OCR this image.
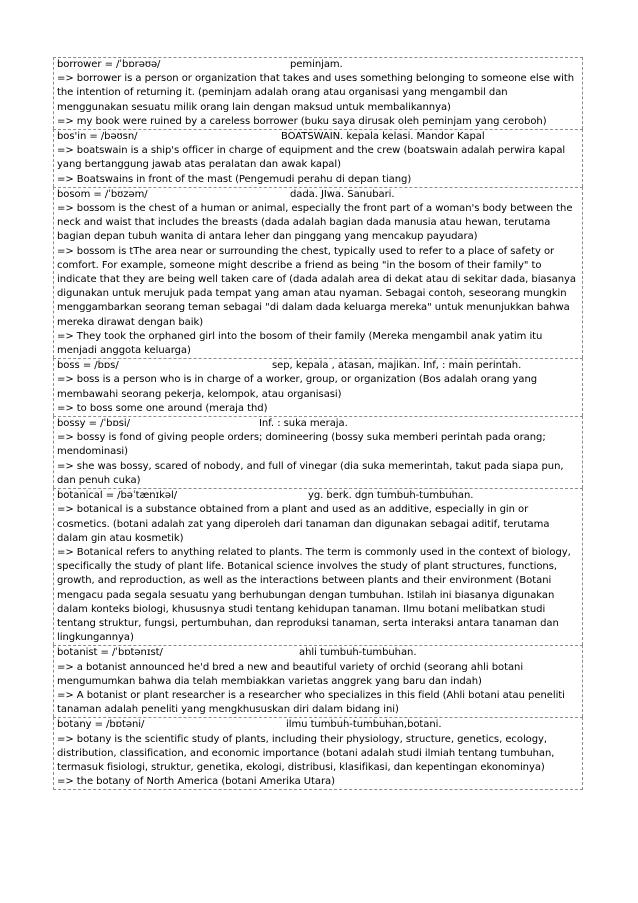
borrower = /ˈbɒrəʊə/	peminjam.

=> borrower is a person or organization that takes and uses something belonging to someone else with the intention of returning it. (peminjam adalah orang atau organisasi yang mengambil dan menggunakan sesuatu milik orang lain dengan maksud untuk membalikannya)

=> my book were ruined by a careless borrower (buku saya dirusak oleh peminjam yang ceroboh)

bos'in = /bəʊsn/	BOATSWAIN. kepala kelasi. Mandor Kapal

=> boatswain is a ship's officer in charge of equipment and the crew (boatswain adalah perwira kapal yang bertanggung jawab atas peralatan dan awak kapal)

=> Boatswains in front of the mast (Pengemudi perahu di depan tiang)

bosom = /ˈbʊzəm/	dada. JIwa. Sanubari.

=> bossom is the chest of a human or animal, especially the front part of a woman's body between the neck and waist that includes the breasts (dada adalah bagian dada manusia atau hewan, terutama bagian depan tubuh wanita di antara leher dan pinggang yang mencakup payudara)

=> bossom is tThe area near or surrounding the chest, typically used to refer to a place of safety or comfort. For example, someone might describe a friend as being "in the bosom of their family" to indicate that they are being well taken care of (dada adalah area di dekat atau di sekitar dada, biasanya digunakan untuk merujuk pada tempat yang aman atau nyaman. Sebagai contoh, seseorang mungkin menggambarkan seorang teman sebagai "di dalam dada keluarga mereka" untuk menunjukkan bahwa mereka dirawat dengan baik)

=> They took the orphaned girl into the bosom of their family (Mereka mengambil anak yatim itu menjadi anggota keluarga)

boss = /bɒs/	sep, kepala , atasan, majikan. Inf, : main perintah.

=> boss is a person who is in charge of a worker, group, or organization (Bos adalah orang yang membawahi seorang pekerja, kelompok, atau organisasi)

=> to boss some one around (meraja thd)

bossy = /ˈbɒsi/	Inf. : suka meraja.

=> bossy is fond of giving people orders; domineering (bossy suka memberi perintah pada orang; mendominasi)

=> she was bossy, scared of nobody, and full of vinegar (dia suka memerintah, takut pada siapa pun, dan penuh cuka)

botanical = /bəˈtænɪkəl/	yg. berk. dgn tumbuh-tumbuhan.

=> botanical is a substance obtained from a plant and used as an additive, especially in gin or cosmetics. (botani adalah zat yang diperoleh dari tanaman dan digunakan sebagai aditif, terutama dalam gin atau kosmetik)

=> Botanical refers to anything related to plants. The term is commonly used in the context of biology, specifically the study of plant life. Botanical science involves the study of plant structures, functions, growth, and reproduction, as well as the interactions between plants and their environment (Botani mengacu pada segala sesuatu yang berhubungan dengan tumbuhan. Istilah ini biasanya digunakan dalam konteks biologi, khususnya studi tentang kehidupan tanaman. Ilmu botani melibatkan studi tentang struktur, fungsi, pertumbuhan, dan reproduksi tanaman, serta interaksi antara tanaman dan lingkungannya)

botanist = /ˈbɒtənɪst/	ahli tumbuh-tumbuhan.

=> a botanist announced he'd bred a new and beautiful variety of orchid (seorang ahli botani mengumumkan bahwa dia telah membiakkan varietas anggrek yang baru dan indah)

=> A botanist or plant researcher is a researcher who specializes in this field (Ahli botani atau peneliti tanaman adalah peneliti yang mengkhususkan diri dalam bidang ini)

botany = /bɒtəni/	ilmu tumbuh-tumbuhan,botani.

=> botany is the scientific study of plants, including their physiology, structure, genetics, ecology, distribution, classification, and economic importance (botani adalah studi ilmiah tentang tumbuhan, termasuk fisiologi, struktur, genetika, ekologi, distribusi, klasifikasi, dan kepentingan ekonominya)

=> the botany of North America (botani Amerika Utara)
